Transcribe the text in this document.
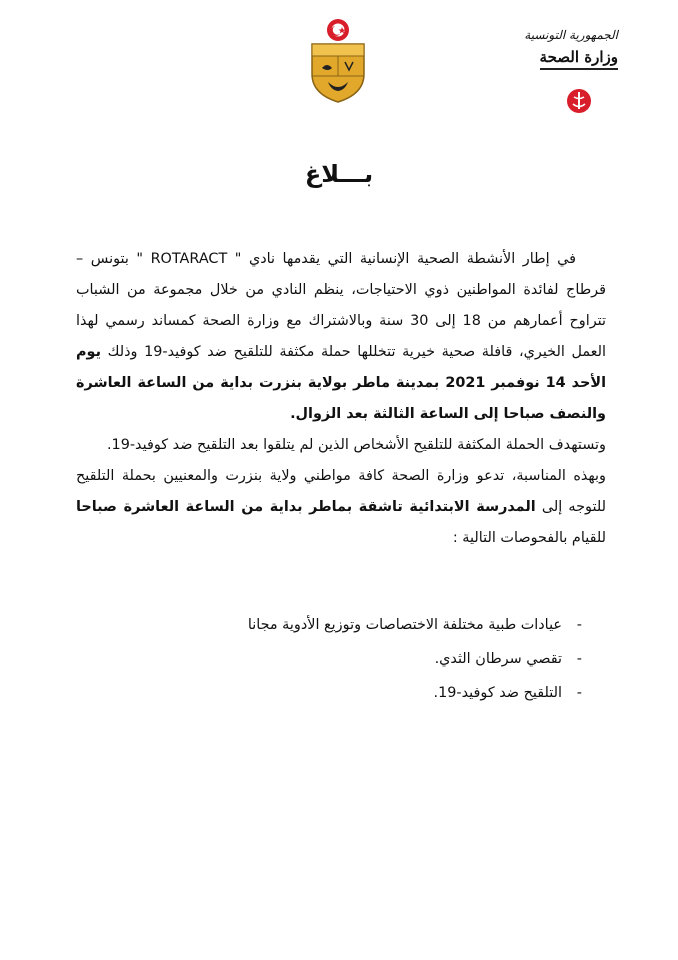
الجمهورية التونسية
وزارة الصحة
بـــلاغ

في إطار الأنشطة الصحية الإنسانية التي يقدمها نادي " ROTARACT " بتونس – قرطاج لفائدة المواطنين ذوي الاحتياجات، ينظم النادي من خلال مجموعة من الشباب تتراوح أعمارهم من 18 إلى 30 سنة وبالاشتراك مع وزارة الصحة كمساند رسمي لهذا العمل الخيري، قافلة صحية خيرية تتخللها حملة مكثفة للتلقيح ضد كوفيد-19 وذلك يوم الأحد 14 نوفمبر 2021 بمدينة ماطر بولاية بنزرت بداية من الساعة العاشرة والنصف صباحا إلى الساعة الثالثة بعد الزوال.

وتستهدف الحملة المكثفة للتلقيح الأشخاص الذين لم يتلقوا بعد التلقيح ضد كوفيد-19.

وبهذه المناسبة، تدعو وزارة الصحة كافة مواطني ولاية بنزرت والمعنيين بحملة التلقيح للتوجه إلى المدرسة الابتدائية تاشقة بماطر بداية من الساعة العاشرة صباحا للقيام بالفحوصات التالية :

-
عيادات طبية مختلفة الاختصاصات وتوزيع الأدوية مجانا
-
تقصي سرطان الثدي.
-
التلقيح ضد كوفيد-19.
